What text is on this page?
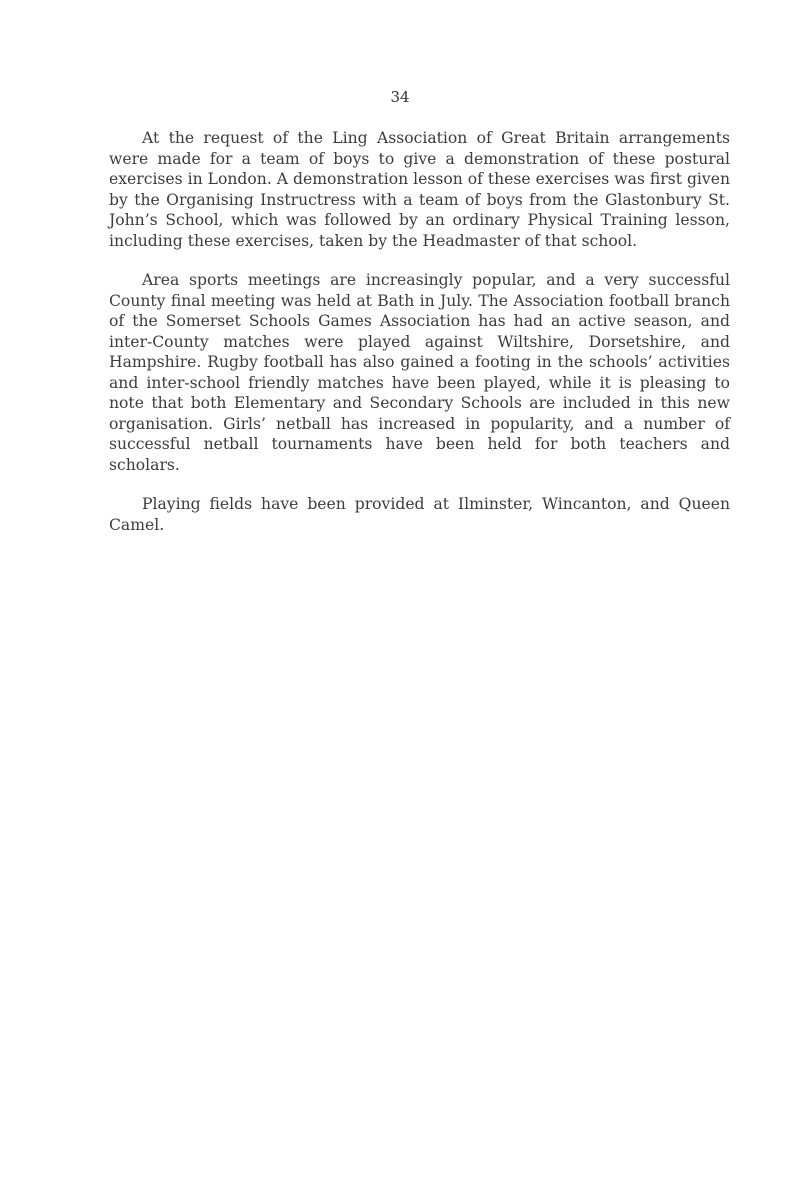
34

At the request of the Ling Association of Great Britain arrangements were made for a team of boys to give a demonstration of these postural exercises in London. A demonstration lesson of these exercises was first given by the Organising Instructress with a team of boys from the Glastonbury St. John’s School, which was followed by an ordinary Physical Training lesson, including these exercises, taken by the Headmaster of that school.

Area sports meetings are increasingly popular, and a very successful County final meeting was held at Bath in July. The Association football branch of the Somerset Schools Games Association has had an active season, and inter-County matches were played against Wiltshire, Dorsetshire, and Hampshire. Rugby football has also gained a footing in the schools’ activities and inter-school friendly matches have been played, while it is pleasing to note that both Elementary and Secondary Schools are included in this new organisation. Girls’ netball has increased in popularity, and a number of successful netball tournaments have been held for both teachers and scholars.

Playing fields have been provided at Ilminster, Wincanton, and Queen Camel.
